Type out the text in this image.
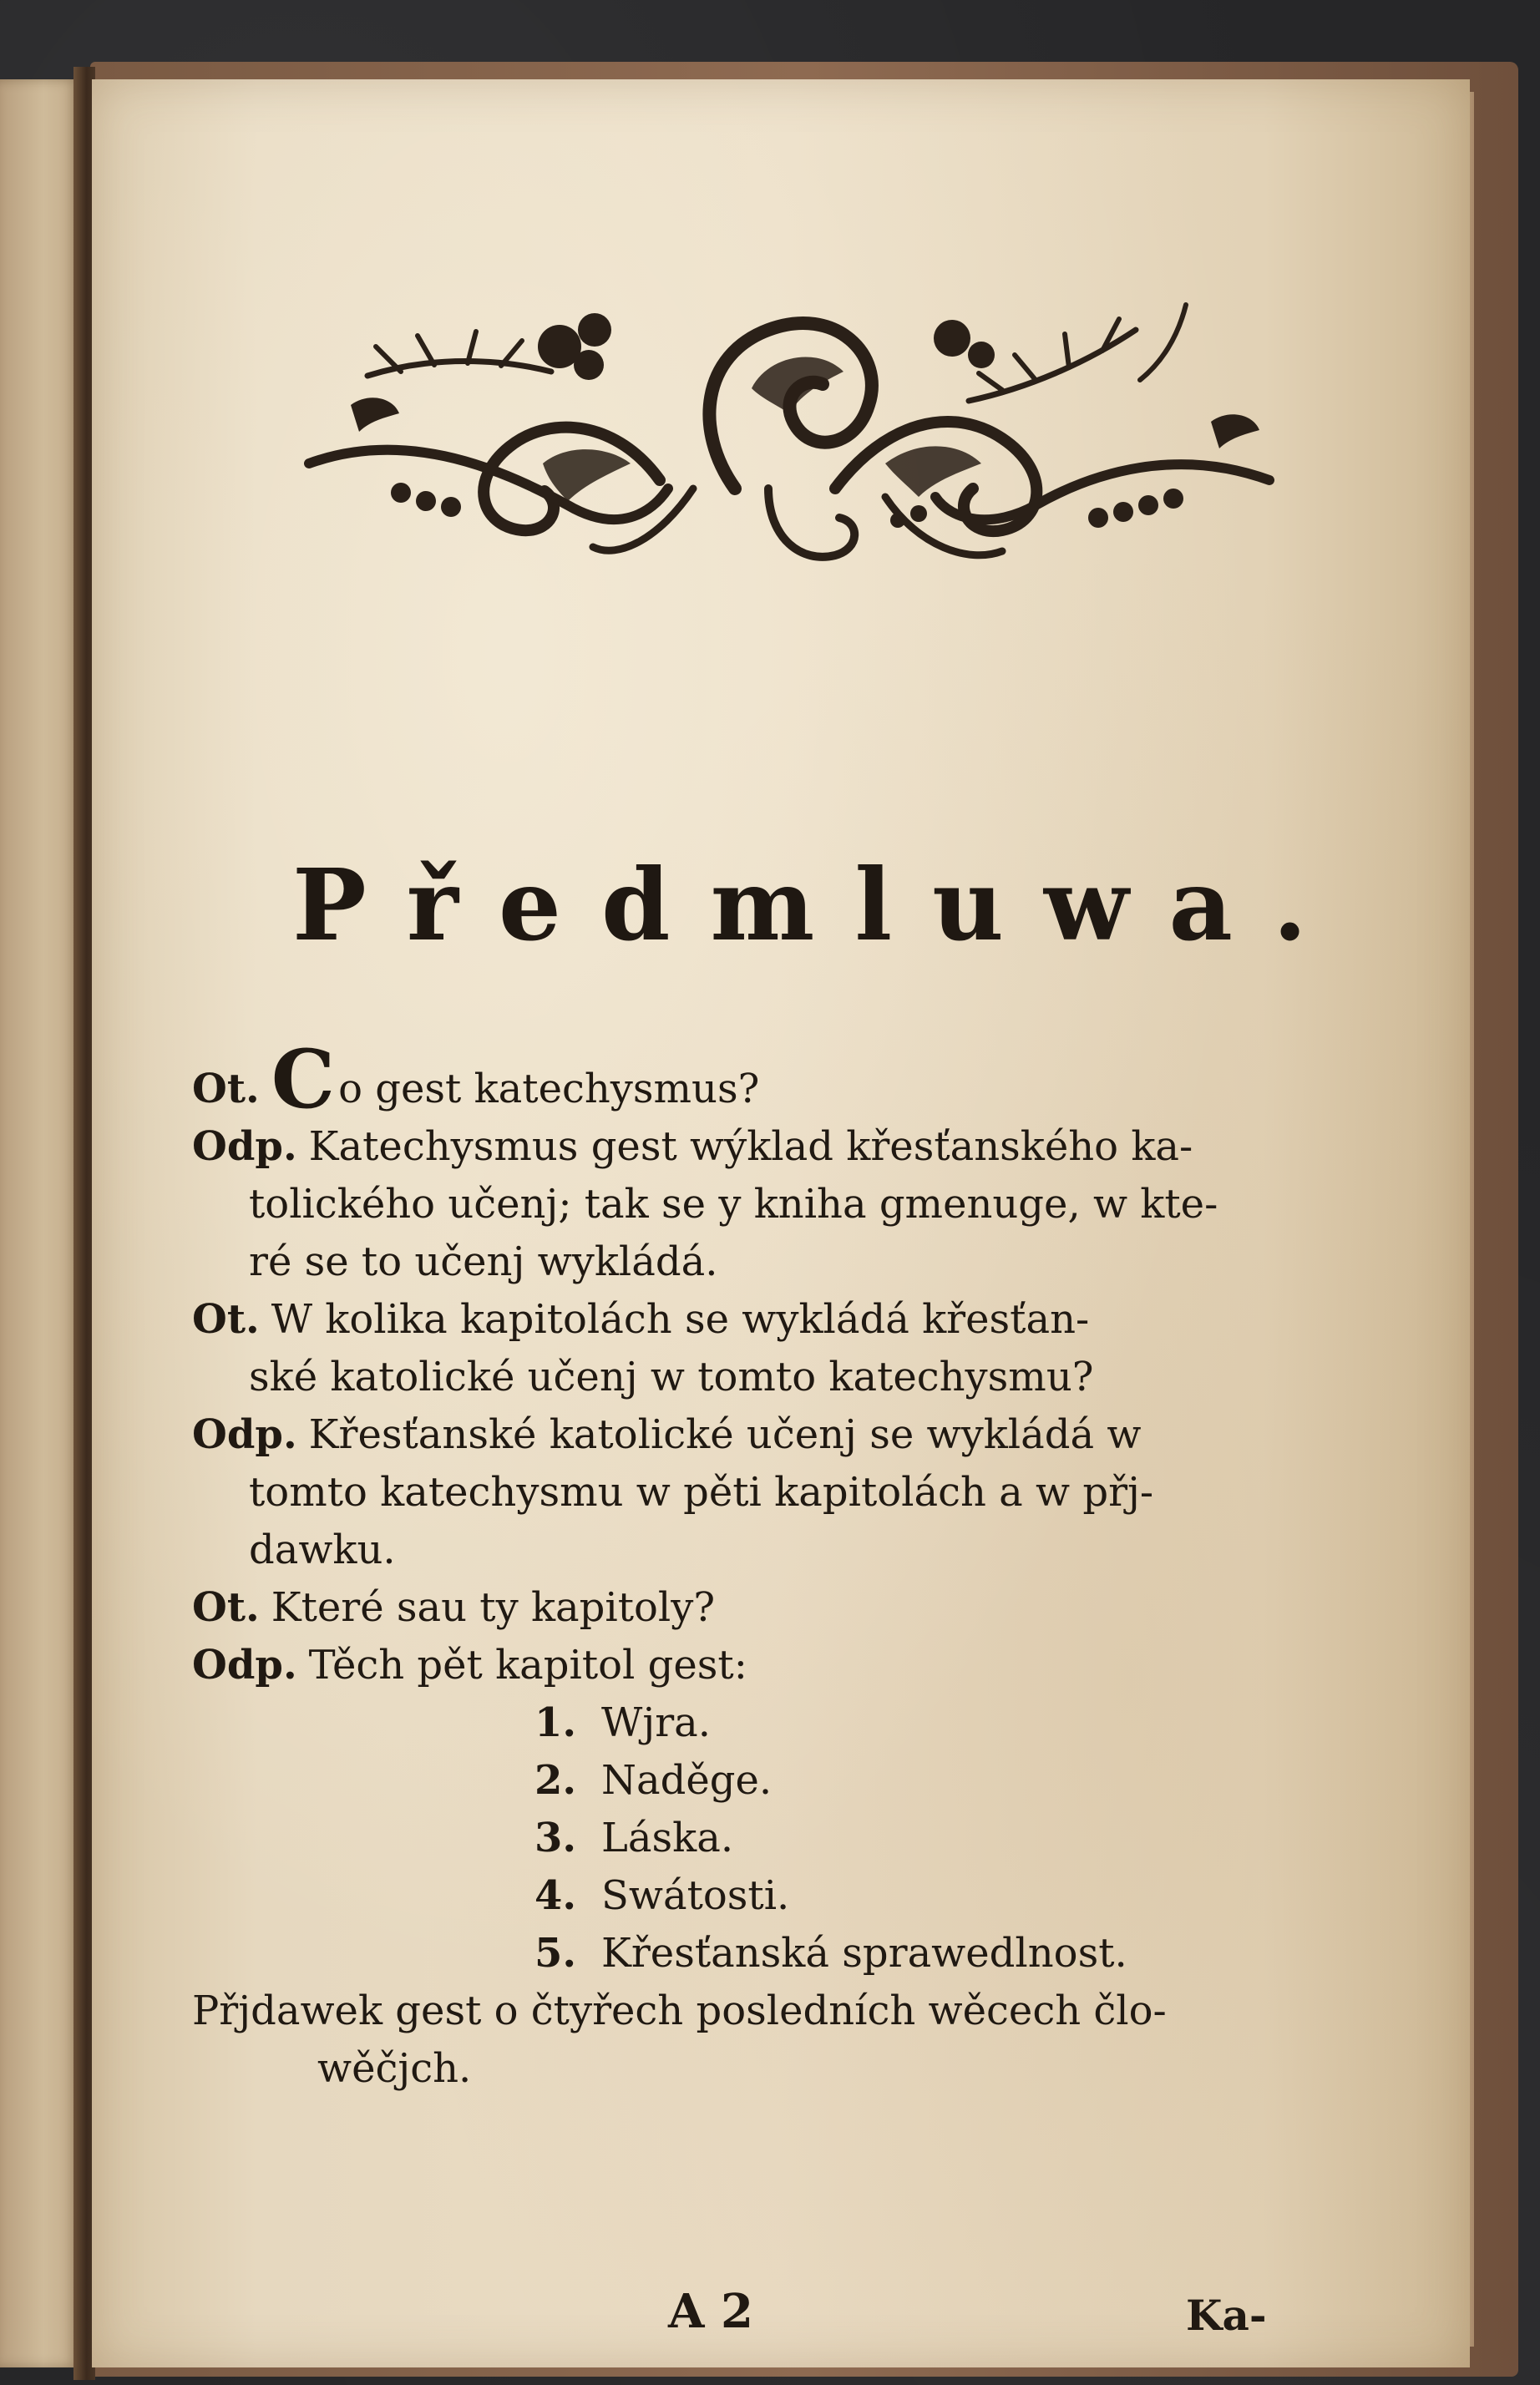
Předmluwa.

Ot. Co gest katechysmus?

Odp. Katechysmus gest wýklad křesťanského ka-
tolického učenj; tak se y kniha gmenuge, w kte-
ré se to učenj wykládá.

Ot. W kolika kapitolách se wykládá křesťan-
ské katolické učenj w tomto katechysmu?

Odp. Křesťanské katolické učenj se wykládá w
tomto katechysmu w pěti kapitolách a w přj-
dawku.

Ot. Které sau ty kapitoly?

Odp. Těch pět kapitol gest:

1. Wjra.
2. Naděge.
3. Láska.
4. Swátosti.
5. Křesťanská sprawedlnost.

Přjdawek gest o čtyřech posledních wěcech člo-
wěčjch.

A 2	Ka-
